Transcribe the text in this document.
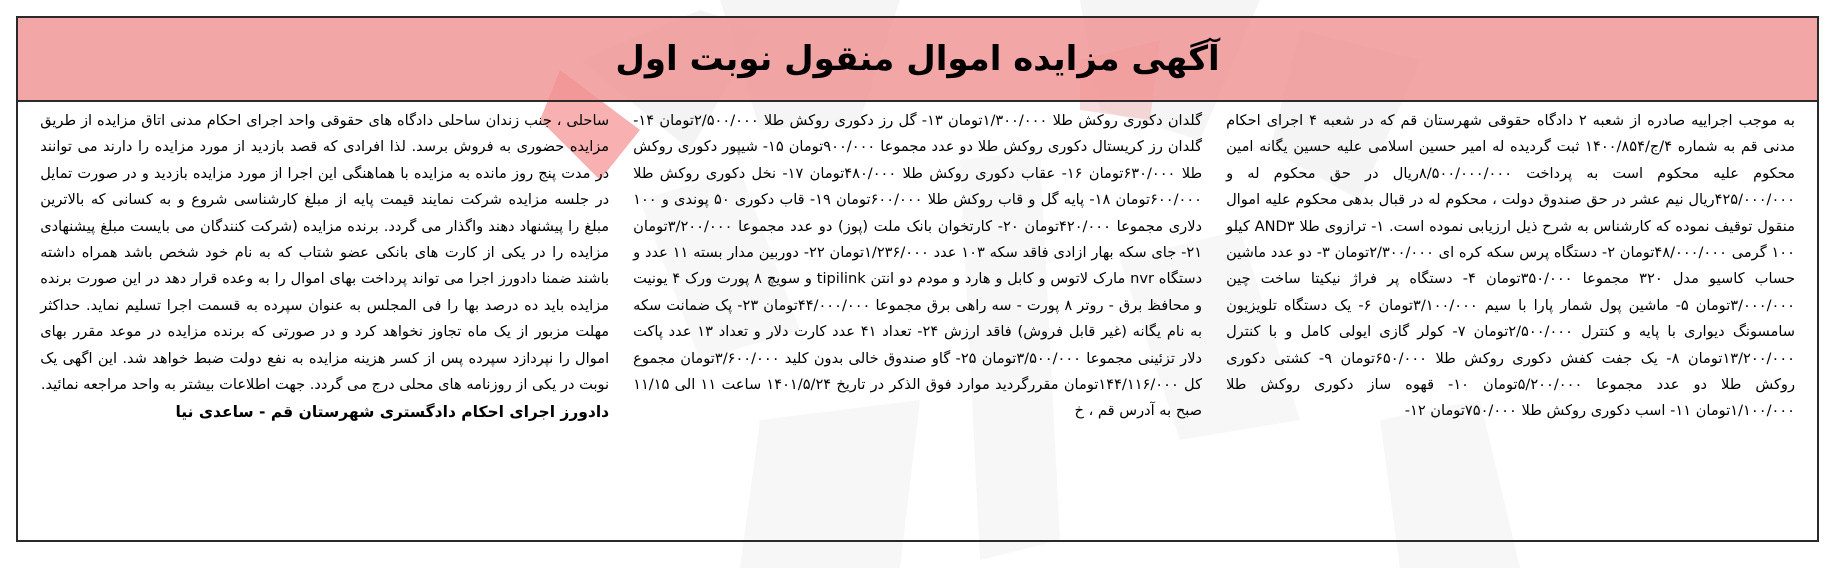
آگهی مزایده اموال منقول نوبت اول

به موجب اجراییه صادره از شعبه ۲ دادگاه حقوقی شهرستان قم که در شعبه ۴ اجرای احکام مدنی قم به شماره ۴/ج/۱۴۰۰/۸۵۴ ثبت گردیده له امیر حسین اسلامی علیه حسین یگانه امین محکوم علیه محکوم است به پرداخت ۸/۵۰۰/۰۰۰/۰۰۰ریال در حق محکوم له و ۴۲۵/۰۰۰/۰۰۰ریال نیم عشر در حق صندوق دولت ، محکوم له در قبال بدهی محکوم علیه اموال منقول توقیف نموده که کارشناس به شرح ذیل ارزیابی نموده است. ۱- ترازوی طلا AND۳ کیلو ۱۰۰ گرمی ۴۸/۰۰۰/۰۰۰تومان ۲- دستگاه پرس سکه کره ای ۲/۳۰۰/۰۰۰تومان ۳- دو عدد ماشین حساب کاسیو مدل ۳۲۰ مجموعا ۳۵۰/۰۰۰تومان ۴- دستگاه پر فراژ نیکیتا ساخت چین ۳/۰۰۰/۰۰۰تومان ۵- ماشین پول شمار پارا با سیم ۳/۱۰۰/۰۰۰تومان ۶- یک دستگاه تلویزیون سامسونگ دیواری با پایه و کنترل ۲/۵۰۰/۰۰۰تومان ۷- کولر گازی ایولی کامل و با کنترل ۱۳/۲۰۰/۰۰۰تومان ۸- یک جفت کفش دکوری روکش طلا ۶۵۰/۰۰۰تومان ۹- کشتی دکوری روکش طلا دو عدد مجموعا ۵/۲۰۰/۰۰۰تومان ۱۰- قهوه ساز دکوری روکش طلا ۱/۱۰۰/۰۰۰تومان ۱۱- اسب دکوری روکش طلا ۷۵۰/۰۰۰تومان ۱۲-

گلدان دکوری روکش طلا ۱/۳۰۰/۰۰۰تومان ۱۳- گل رز دکوری روکش طلا ۲/۵۰۰/۰۰۰تومان ۱۴- گلدان رز کریستال دکوری روکش طلا دو عدد مجموعا ۹۰۰/۰۰۰تومان ۱۵- شیپور دکوری روکش طلا ۶۳۰/۰۰۰تومان ۱۶- عقاب دکوری روکش طلا ۴۸۰/۰۰۰تومان ۱۷- نخل دکوری روکش طلا ۶۰۰/۰۰۰تومان ۱۸- پایه گل و قاب روکش طلا ۶۰۰/۰۰۰تومان ۱۹- قاب دکوری ۵۰ پوندی و ۱۰۰ دلاری مجموعا ۴۲۰/۰۰۰تومان ۲۰- کارتخوان بانک ملت (پوز) دو عدد مجموعا ۳/۲۰۰/۰۰۰تومان ۲۱- جای سکه بهار ازادی فاقد سکه ۱۰۳ عدد ۱/۲۳۶/۰۰۰تومان ۲۲- دوربین مدار بسته ۱۱ عدد و دستگاه nvr مارک لاتوس و کابل و هارد و مودم دو انتن tipilink و سویچ ۸ پورت ورک ۴ یونیت و محافظ برق - روتر ۸ پورت - سه راهی برق مجموعا ۴۴/۰۰۰/۰۰۰تومان ۲۳- پک ضمانت سکه به نام یگانه (غیر قابل فروش) فاقد ارزش ۲۴- تعداد ۴۱ عدد کارت دلار و تعداد ۱۳ عدد پاکت دلار تزئینی مجموعا ۳/۵۰۰/۰۰۰تومان ۲۵- گاو صندوق خالی بدون کلید ۳/۶۰۰/۰۰۰تومان مجموع کل ۱۴۴/۱۱۶/۰۰۰تومان مقررگردید موارد فوق الذکر در تاریخ ۱۴۰۱/۵/۲۴ ساعت ۱۱ الی ۱۱/۱۵ صبح به آدرس قم ، خ

ساحلی ، جنب زندان ساحلی دادگاه های حقوقی واحد اجرای احکام مدنی اتاق مزایده از طریق مزایده حضوری به فروش برسد. لذا افرادی که قصد بازدید از مورد مزایده را دارند می توانند در مدت پنج روز مانده به مزایده با هماهنگی این اجرا از مورد مزایده بازدید و در صورت تمایل در جلسه مزایده شرکت نمایند قیمت پایه از مبلغ کارشناسی شروع و به کسانی که بالاترین مبلغ را پیشنهاد دهند واگذار می گردد. برنده مزایده (شرکت کنندگان می بایست مبلغ پیشنهادی مزایده را در یکی از کارت های بانکی عضو شتاب که به نام خود شخص باشد همراه داشته باشند ضمنا دادورز اجرا می تواند پرداخت بهای اموال را به وعده قرار دهد در این صورت برنده مزایده باید ده درصد بها را فی المجلس به عنوان سپرده به قسمت اجرا تسلیم نماید. حداکثر مهلت مزبور از یک ماه تجاوز نخواهد کرد و در صورتی که برنده مزایده در موعد مقرر بهای اموال را نپردازد سپرده پس از کسر هزینه مزایده به نفع دولت ضبط خواهد شد. این اگهی یک نوبت در یکی از روزنامه های محلی درج می گردد. جهت اطلاعات بیشتر به واحد مراجعه نمائید.

دادورز اجرای احکام دادگستری شهرستان قم - ساعدی نیا
